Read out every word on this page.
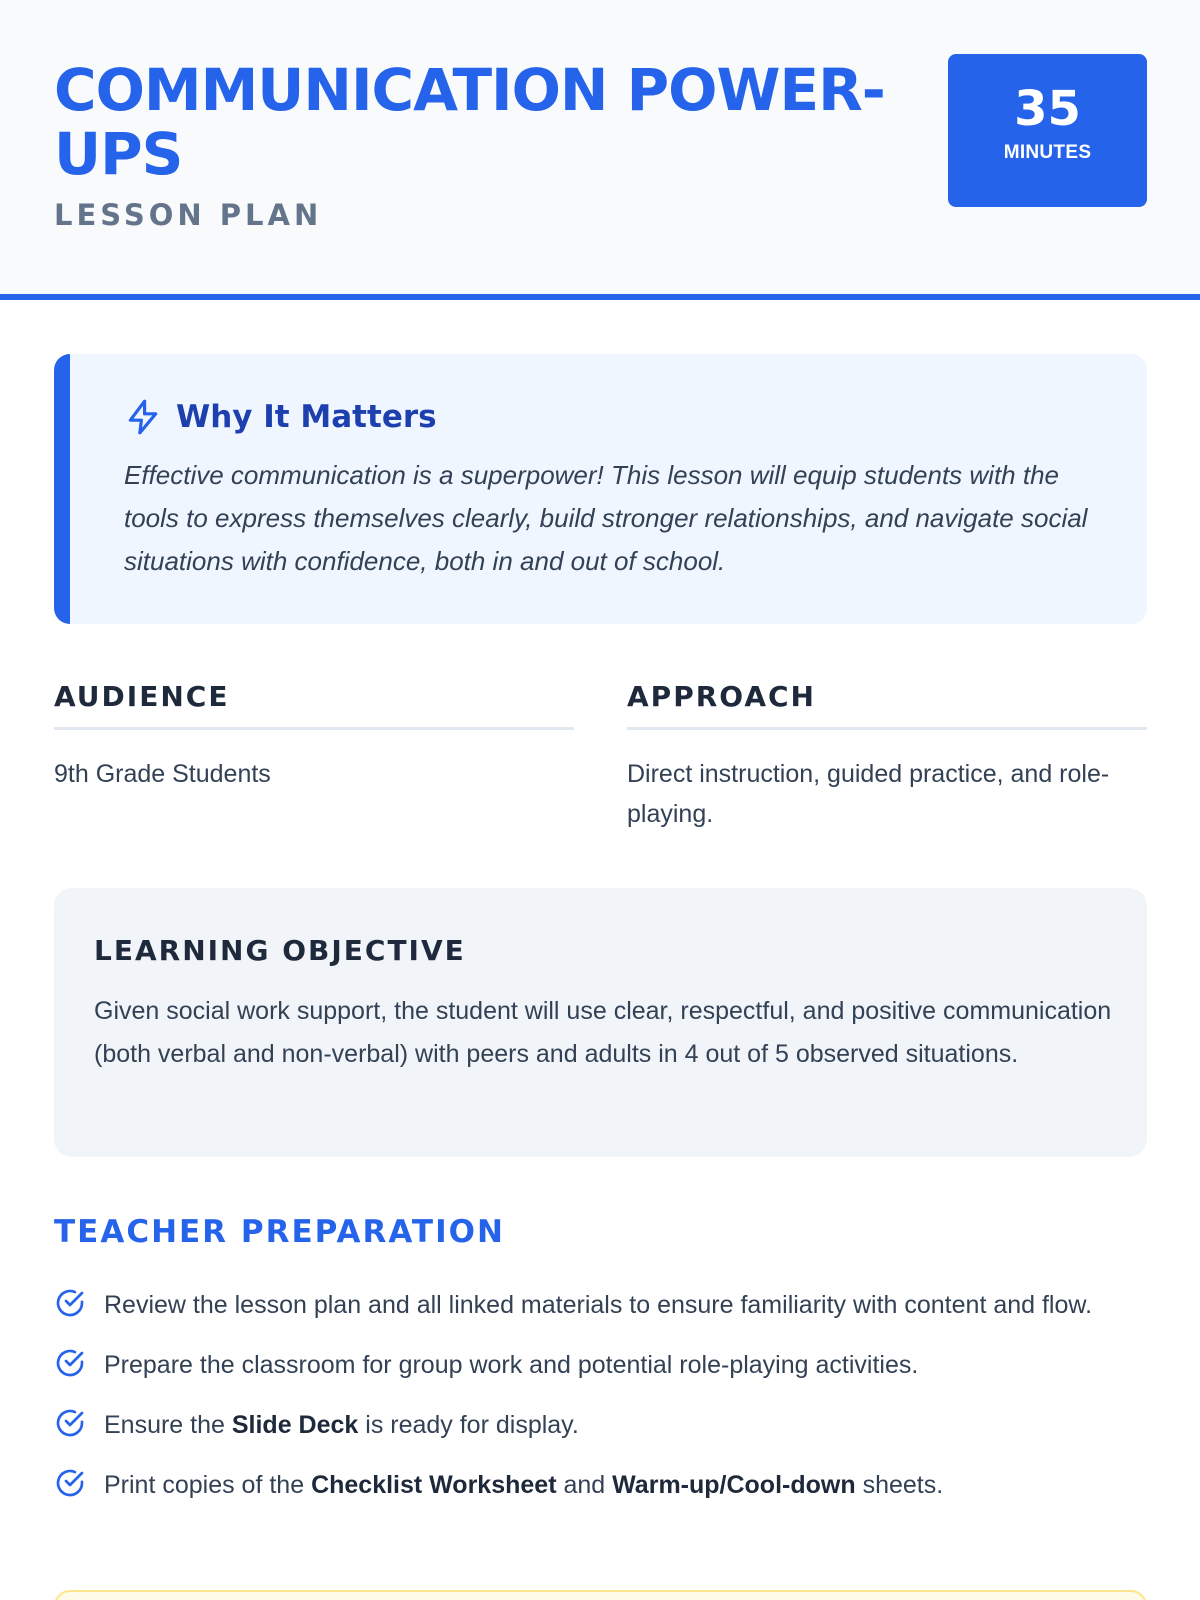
COMMUNICATION POWER-UPS
LESSON PLAN
35
MINUTES
Why It Matters

Effective communication is a superpower! This lesson will equip students with the tools to express themselves clearly, build stronger relationships, and navigate social situations with confidence, both in and out of school.

AUDIENCE

9th Grade Students

APPROACH

Direct instruction, guided practice, and role-playing.

LEARNING OBJECTIVE

Given social work support, the student will use clear, respectful, and positive communication (both verbal and non-verbal) with peers and adults in 4 out of 5 observed situations.

TEACHER PREPARATION
Review the lesson plan and all linked materials to ensure familiarity with content and flow.
Prepare the classroom for group work and potential role-playing activities.
Ensure the Slide Deck is ready for display.
Print copies of the Checklist Worksheet and Warm-up/Cool-down sheets.
